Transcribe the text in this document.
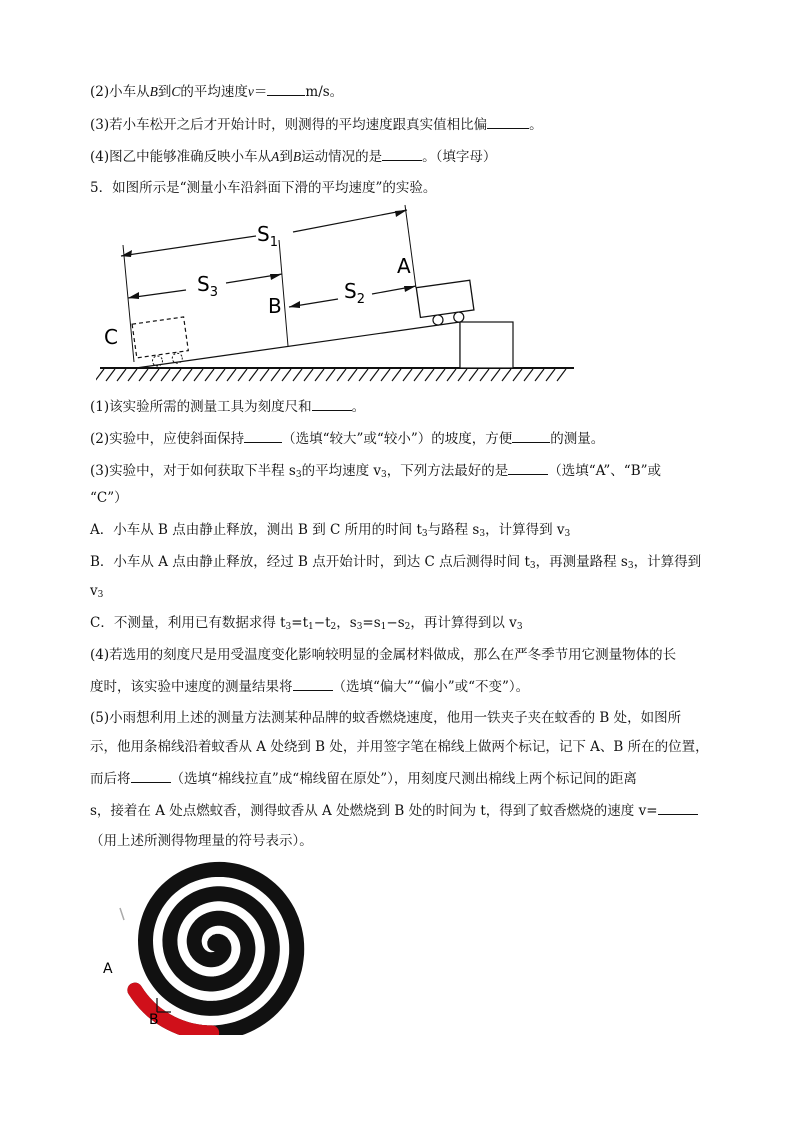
(2)小车从B到C的平均速度v＝	m/s。
(3)若小车松开之后才开始计时，则测得的平均速度跟真实值相比偏	。
(4)图乙中能够准确反映小车从A到B运动情况的是	。（填字母）
5．如图所示是“测量小车沿斜面下滑的平均速度”的实验。
$S_1$
$S_3$	$S_2$
A
B
C
(1)该实验所需的测量工具为刻度尺和	。
(2)实验中，应使斜面保持	（选填“较大”或“较小”）的坡度，方便	的测量。
(3)实验中，对于如何获取下半程 $s_3$的平均速度 $v_3$，下列方法最好的是	（选填“A”、“B”或
“C”）
A．小车从 B 点由静止释放，测出 B 到 C 所用的时间 $t_3$与路程 $s_3$，计算得到 $v_3$
B．小车从 A 点由静止释放，经过 B 点开始计时，到达 C 点后测得时间 $t_3$，再测量路程 $s_3$，计算得到
$v_3$
C．不测量，利用已有数据求得 $t_3=t_1-t_2$，$s_3=s_1-s_2$，再计算得到以 $v_3$
(4)若选用的刻度尺是用受温度变化影响较明显的金属材料做成，那么在严冬季节用它测量物体的长
度时，该实验中速度的测量结果将	（选填“偏大”“偏小”或“不变”）。
(5)小雨想利用上述的测量方法测某种品牌的蚊香燃烧速度，他用一铁夹子夹在蚊香的 B 处，如图所
示，他用条棉线沿着蚊香从 A 处绕到 B 处，并用签字笔在棉线上做两个标记，记下 A、B 所在的位置，
而后将	（选填“棉线拉直”成“棉线留在原处”），用刻度尺测出棉线上两个标记间的距离
s，接着在 A 处点燃蚊香，测得蚊香从 A 处燃烧到 B 处的时间为 t，得到了蚊香燃烧的速度 v=
（用上述所测得物理量的符号表示）。
A
B
